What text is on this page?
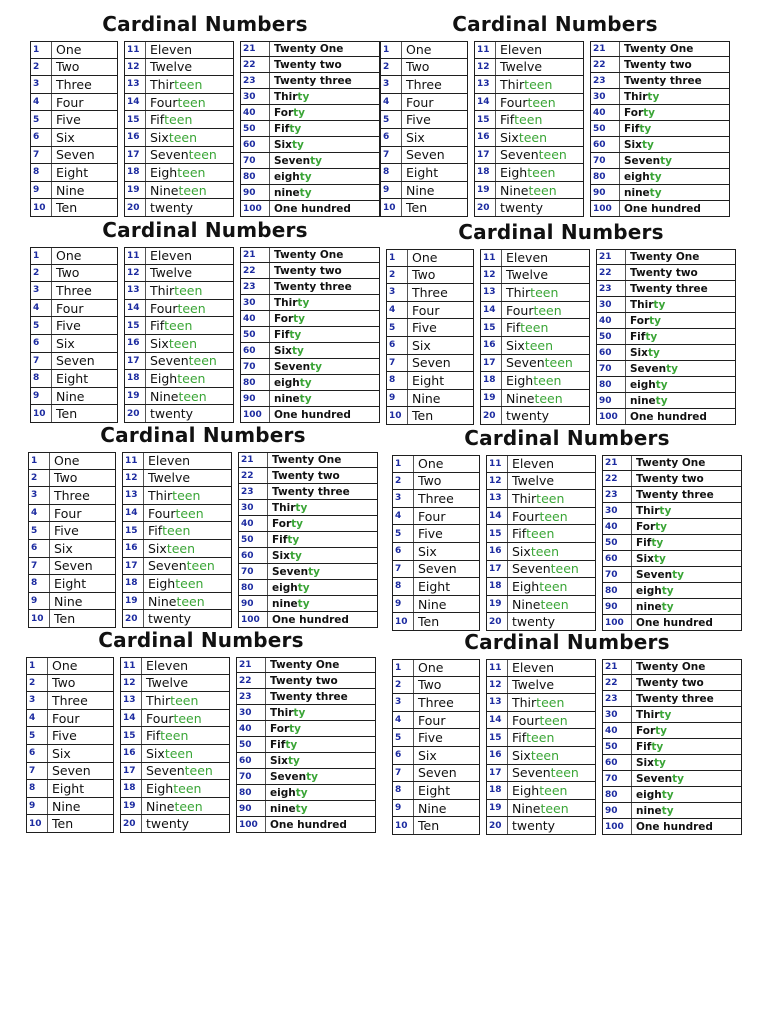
Cardinal Numbers
1	One
2	Two
3	Three
4	Four
5	Five
6	Six
7	Seven
8	Eight
9	Nine
10 Ten
11 Eleven
12 Twelve
13 Thir teen
14 Four teen
15 Fif teen
16 Six teen
17 Seven teen
18 Eigh teen
19 Nine teen
20 twenty
21	Twenty One
22	Twenty two
23	Twenty three
30	Thir ty
40	For ty
50	Fif ty
60	Six ty
70	Seven ty
80	eigh ty
90	nine ty
100	One hundred
Cardinal Numbers
1	One
2	Two
3	Three
4	Four
5	Five
6	Six
7	Seven
8	Eight
9	Nine
10 Ten
11 Eleven
12 Twelve
13 Thir teen
14 Four teen
15 Fif teen
16 Six teen
17 Seven teen
18 Eigh teen
19 Nine teen
20 twenty
21	Twenty One
22	Twenty two
23	Twenty three
30	Thir ty
40	For ty
50	Fif ty
60	Six ty
70	Seven ty
80	eigh ty
90	nine ty
100	One hundred
Cardinal Numbers
1	One
2	Two
3	Three
4	Four
5	Five
6	Six
7	Seven
8	Eight
9	Nine
10 Ten
11 Eleven
12 Twelve
13 Thir teen
14 Four teen
15 Fif teen
16 Six teen
17 Seven teen
18 Eigh teen
19 Nine teen
20 twenty
21	Twenty One
22	Twenty two
23	Twenty three
30	Thir ty
40	For ty
50	Fif ty
60	Six ty
70	Seven ty
80	eigh ty
90	nine ty
100	One hundred
Cardinal Numbers
1	One
2	Two
3	Three
4	Four
5	Five
6	Six
7	Seven
8	Eight
9	Nine
10 Ten
11 Eleven
12 Twelve
13 Thir teen
14 Four teen
15 Fif teen
16 Six teen
17 Seven teen
18 Eigh teen
19 Nine teen
20 twenty
21	Twenty One
22	Twenty two
23	Twenty three
30	Thir ty
40	For ty
50	Fif ty
60	Six ty
70	Seven ty
80	eigh ty
90	nine ty
100	One hundred
Cardinal Numbers
1	One
2	Two
3	Three
4	Four
5	Five
6	Six
7	Seven
8	Eight
9	Nine
10 Ten
11 Eleven
12 Twelve
13 Thir teen
14 Four teen
15 Fif teen
16 Six teen
17 Seven teen
18 Eigh teen
19 Nine teen
20 twenty
21	Twenty One
22	Twenty two
23	Twenty three
30	Thir ty
40	For ty
50	Fif ty
60	Six ty
70	Seven ty
80	eigh ty
90	nine ty
100	One hundred
Cardinal Numbers
1	One
2	Two
3	Three
4	Four
5	Five
6	Six
7	Seven
8	Eight
9	Nine
10 Ten
11 Eleven
12 Twelve
13 Thir teen
14 Four teen
15 Fif teen
16 Six teen
17 Seven teen
18 Eigh teen
19 Nine teen
20 twenty
21	Twenty One
22	Twenty two
23	Twenty three
30	Thir ty
40	For ty
50	Fif ty
60	Six ty
70	Seven ty
80	eigh ty
90	nine ty
100	One hundred
Cardinal Numbers
1	One
2	Two
3	Three
4	Four
5	Five
6	Six
7	Seven
8	Eight
9	Nine
10 Ten
11 Eleven
12 Twelve
13 Thir teen
14 Four teen
15 Fif teen
16 Six teen
17 Seven teen
18 Eigh teen
19 Nine teen
20 twenty
21	Twenty One
22	Twenty two
23	Twenty three
30	Thir ty
40	For ty
50	Fif ty
60	Six ty
70	Seven ty
80	eigh ty
90	nine ty
100	One hundred
Cardinal Numbers
1	One
2	Two
3	Three
4	Four
5	Five
6	Six
7	Seven
8	Eight
9	Nine
10 Ten
11 Eleven
12 Twelve
13 Thir teen
14 Four teen
15 Fif teen
16 Six teen
17 Seven teen
18 Eigh teen
19 Nine teen
20 twenty
21	Twenty One
22	Twenty two
23	Twenty three
30	Thir ty
40	For ty
50	Fif ty
60	Six ty
70	Seven ty
80	eigh ty
90	nine ty
100	One hundred
